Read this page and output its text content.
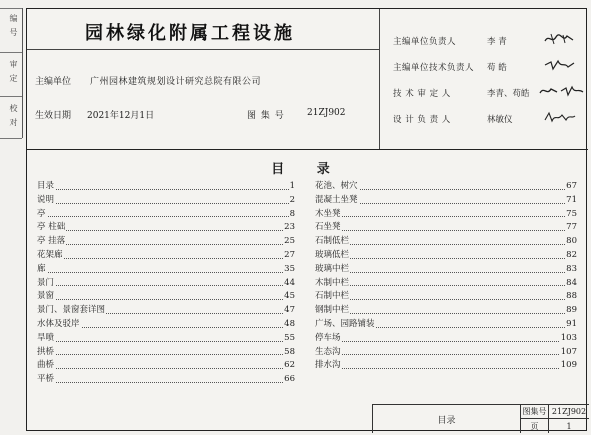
编
号
审
定
校
对
园林绿化附属工程设施
主编单位 广州园林建筑规划设计研究总院有限公司
生效日期 2021年12月1日	图 集 号 21ZJ902
主编单位负责人	李 青
主编单位技术负责人 苟 皓
技 术 审 定 人	李青、苟皓
设 计 负 责 人	林敏仪
目 录
目录	1
说明	2
亭	8
亭 柱础	23
亭 挂落	25
花架廊	27
廊	35
景门	44
景窗	45
景门、景窗套详图	47
水体及驳岸	48
旱喷	55
拱桥	58
曲桥	62
平桥	66
花池、树穴	67
混凝土坐凳	71
木坐凳	75
石坐凳	77
石制低栏	80
玻璃低栏	82
玻璃中栏	83
木制中栏	84
石制中栏	88
钢制中栏	89
广场、园路铺装	91
停车场	103
生态沟	107
排水沟	109
目录
图集号 21ZJ902
页	1
